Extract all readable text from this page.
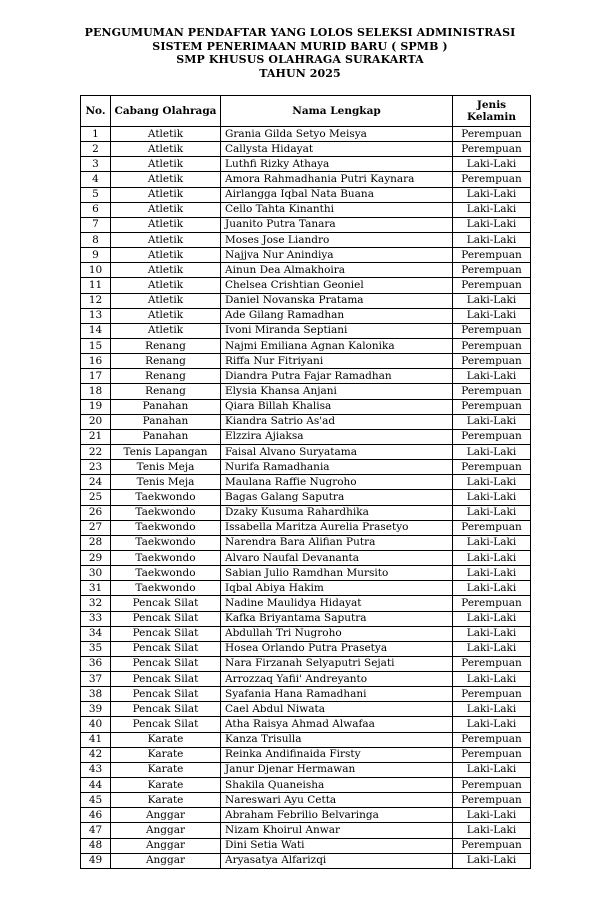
PENGUMUMAN PENDAFTAR YANG LOLOS SELEKSI ADMINISTRASI
SISTEM PENERIMAAN MURID BARU ( SPMB )
SMP KHUSUS OLAHRAGA SURAKARTA
TAHUN 2025
No.	Cabang Olahraga	Nama Lengkap	Jenis Kelamin
1	Atletik	Grania Gilda Setyo Meisya	Perempuan
2	Atletik	Callysta Hidayat	Perempuan
3	Atletik	Luthfi Rizky Athaya	Laki-Laki
4	Atletik	Amora Rahmadhania Putri Kaynara	Perempuan
5	Atletik	Airlangga Iqbal Nata Buana	Laki-Laki
6	Atletik	Cello Tahta Kinanthi	Laki-Laki
7	Atletik	Juanito Putra Tanara	Laki-Laki
8	Atletik	Moses Jose Liandro	Laki-Laki
9	Atletik	Najjva Nur Anindiya	Perempuan
10	Atletik	Ainun Dea Almakhoira	Perempuan
11	Atletik	Chelsea Crishtian Geoniel	Perempuan
12	Atletik	Daniel Novanska Pratama	Laki-Laki
13	Atletik	Ade Gilang Ramadhan	Laki-Laki
14	Atletik	Ivoni Miranda Septiani	Perempuan
15	Renang	Najmi Emiliana Agnan Kalonika	Perempuan
16	Renang	Riffa Nur Fitriyani	Perempuan
17	Renang	Diandra Putra Fajar Ramadhan	Laki-Laki
18	Renang	Elysia Khansa Anjani	Perempuan
19	Panahan	Qiara Billah Khalisa	Perempuan
20	Panahan	Kiandra Satrio As'ad	Laki-Laki
21	Panahan	Elzzira Ajiaksa	Perempuan
22	Tenis Lapangan	Faisal Alvano Suryatama	Laki-Laki
23	Tenis Meja	Nurifa Ramadhania	Perempuan
24	Tenis Meja	Maulana Raffie Nugroho	Laki-Laki
25	Taekwondo	Bagas Galang Saputra	Laki-Laki
26	Taekwondo	Dzaky Kusuma Rahardhika	Laki-Laki
27	Taekwondo	Issabella Maritza Aurelia Prasetyo	Perempuan
28	Taekwondo	Narendra Bara Alifian Putra	Laki-Laki
29	Taekwondo	Alvaro Naufal Devananta	Laki-Laki
30	Taekwondo	Sabian Julio Ramdhan Mursito	Laki-Laki
31	Taekwondo	Iqbal Abiya Hakim	Laki-Laki
32	Pencak Silat	Nadine Maulidya Hidayat	Perempuan
33	Pencak Silat	Kafka Briyantama Saputra	Laki-Laki
34	Pencak Silat	Abdullah Tri Nugroho	Laki-Laki
35	Pencak Silat	Hosea Orlando Putra Prasetya	Laki-Laki
36	Pencak Silat	Nara Firzanah Selyaputri Sejati	Perempuan
37	Pencak Silat	Arrozzaq Yafii' Andreyanto	Laki-Laki
38	Pencak Silat	Syafania Hana Ramadhani	Perempuan
39	Pencak Silat	Cael Abdul Niwata	Laki-Laki
40	Pencak Silat	Atha Raisya Ahmad Alwafaa	Laki-Laki
41	Karate	Kanza Trisulla	Perempuan
42	Karate	Reinka Andifinaida Firsty	Perempuan
43	Karate	Janur Djenar Hermawan	Laki-Laki
44	Karate	Shakila Quaneisha	Perempuan
45	Karate	Nareswari Ayu Cetta	Perempuan
46	Anggar	Abraham Febrilio Belvaringa	Laki-Laki
47	Anggar	Nizam Khoirul Anwar	Laki-Laki
48	Anggar	Dini Setia Wati	Perempuan
49	Anggar	Aryasatya Alfarizqi	Laki-Laki
